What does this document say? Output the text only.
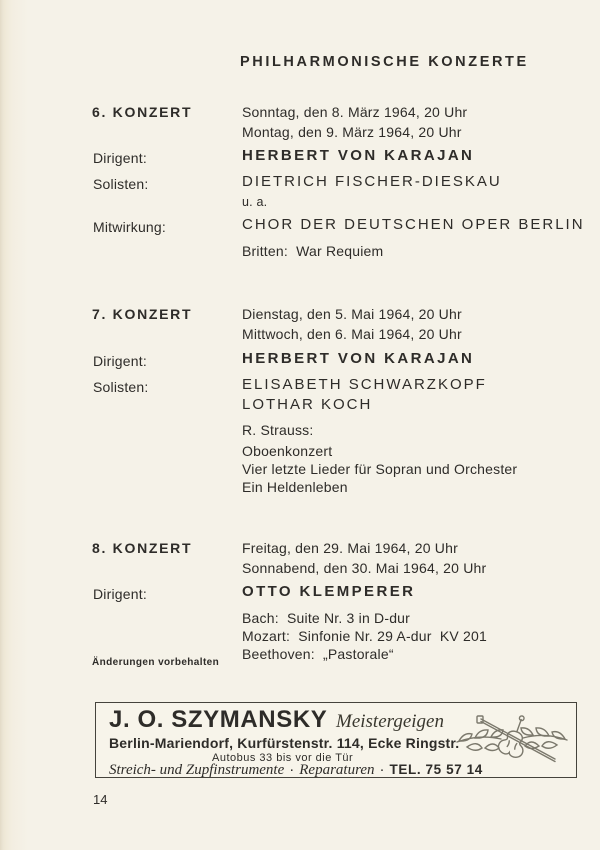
PHILHARMONISCHE KONZERTE
6. KONZERT	Sonntag, den 8. März 1964, 20 Uhr
Montag, den 9. März 1964, 20 Uhr
Dirigent:	HERBERT VON KARAJAN
Solisten:	DIETRICH FISCHER-DIESKAU
u. a.
Mitwirkung:	CHOR DER DEUTSCHEN OPER BERLIN
Britten:  War Requiem
7. KONZERT	Dienstag, den 5. Mai 1964, 20 Uhr
Mittwoch, den 6. Mai 1964, 20 Uhr
Dirigent:	HERBERT VON KARAJAN
Solisten:	ELISABETH SCHWARZKOPF
LOTHAR KOCH
R. Strauss:
Oboenkonzert
Vier letzte Lieder für Sopran und Orchester
Ein Heldenleben
8. KONZERT	Freitag, den 29. Mai 1964, 20 Uhr
Sonnabend, den 30. Mai 1964, 20 Uhr
Dirigent:	OTTO KLEMPERER
Bach:  Suite Nr. 3 in D-dur
Mozart:  Sinfonie Nr. 29 A-dur  KV 201
Beethoven:  „Pastorale“
Änderungen vorbehalten
J. O. SZYMANSKY Meistergeigen
Berlin-Mariendorf, Kurfürstenstr. 114, Ecke Ringstr.
Autobus 33 bis vor die Tür
Streich- und Zupfinstrumente · Reparaturen · TEL. 75 57 14
14
